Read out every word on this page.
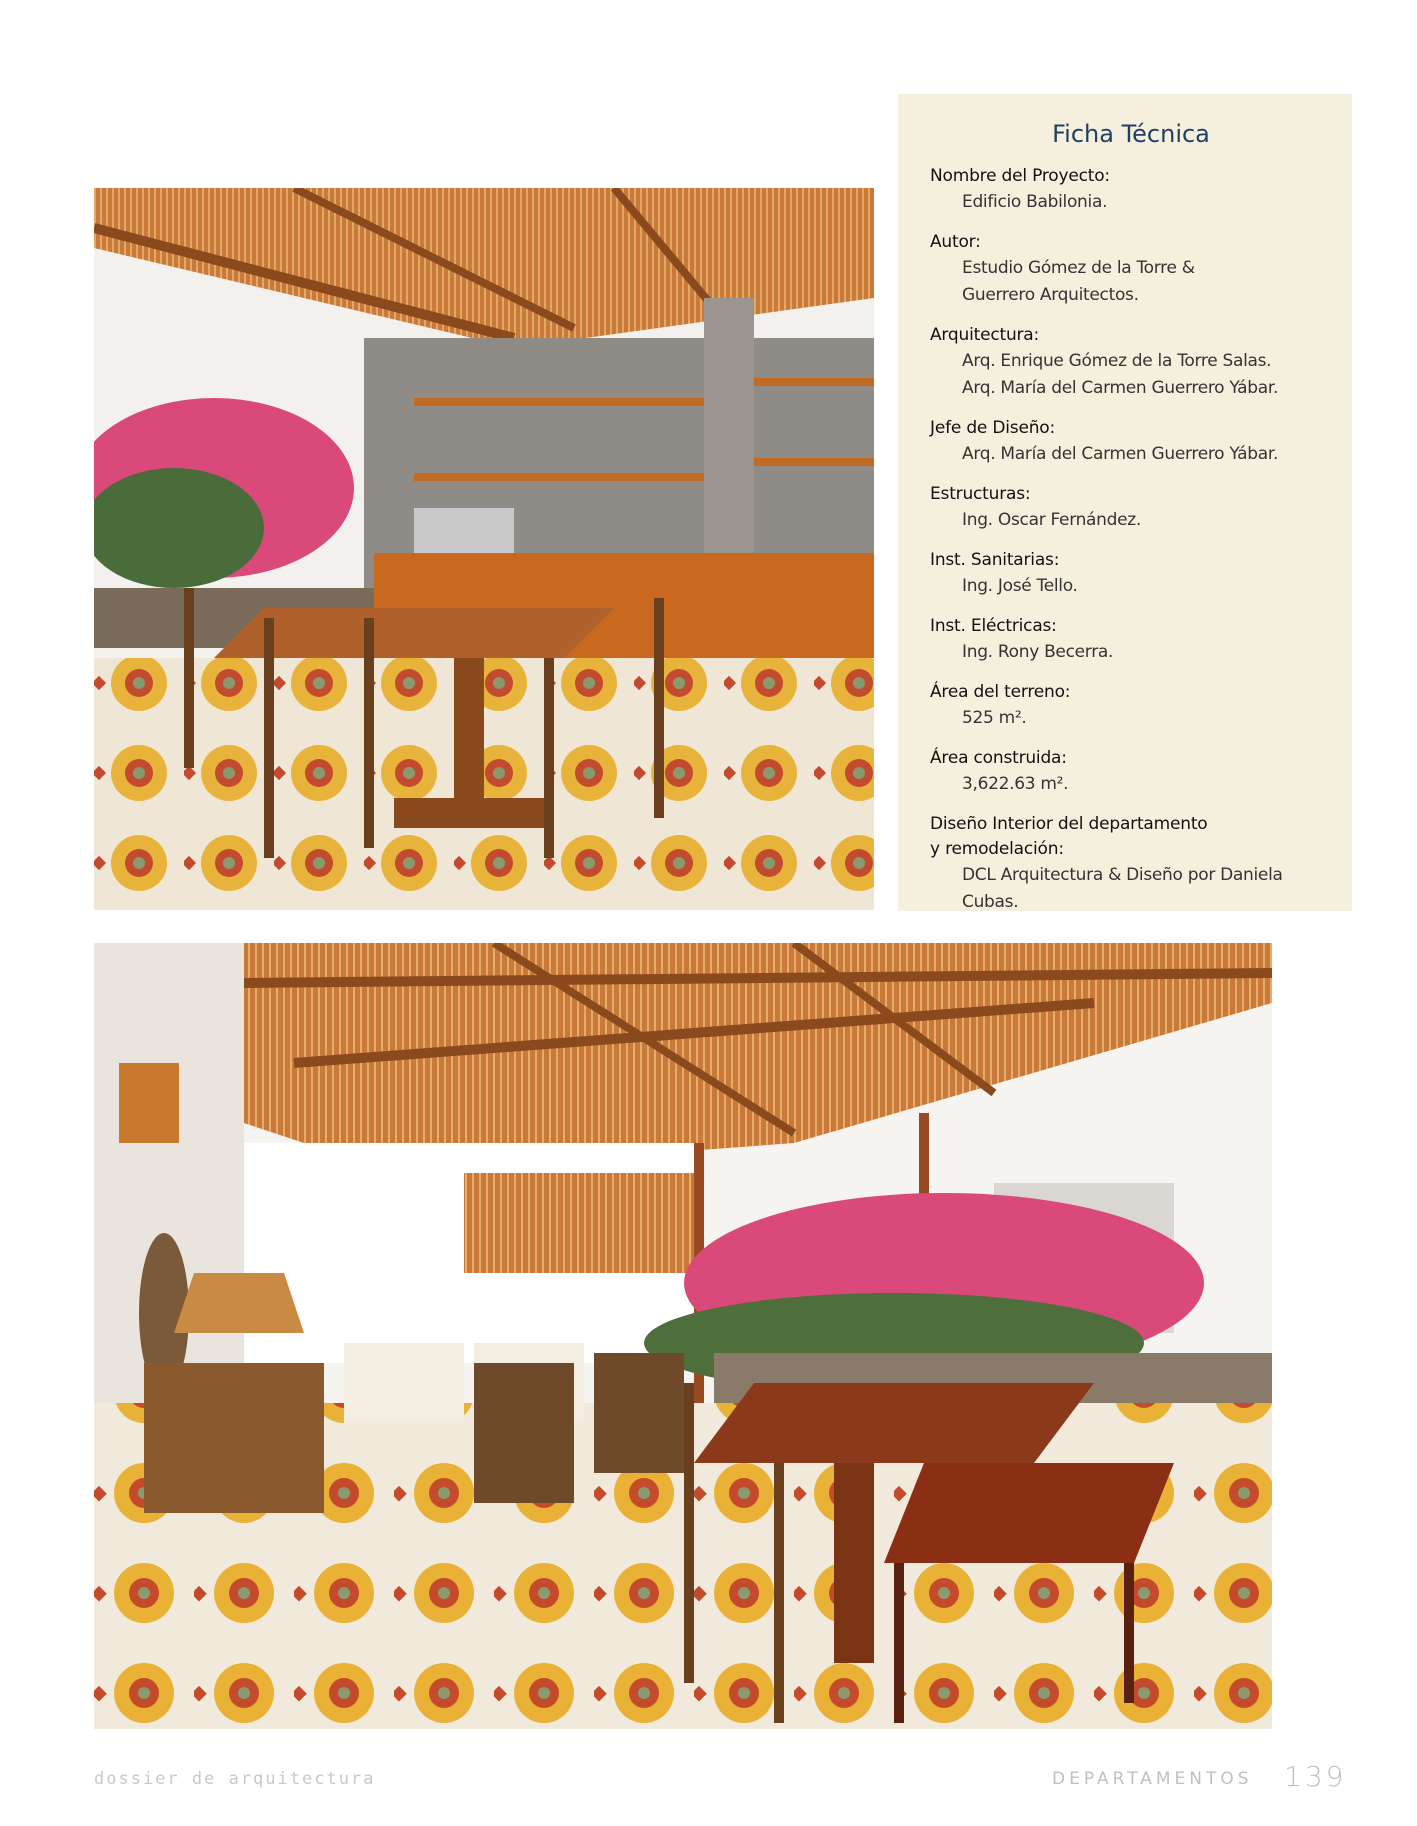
Ficha Técnica
Nombre del Proyecto:
Edificio Babilonia.
Autor:
Estudio Gómez de la Torre &
Guerrero Arquitectos.
Arquitectura:
Arq. Enrique Gómez de la Torre Salas.
Arq. María del Carmen Guerrero Yábar.
Jefe de Diseño:
Arq. María del Carmen Guerrero Yábar.
Estructuras:
Ing. Oscar Fernández.
Inst. Sanitarias:
Ing. José Tello.
Inst. Eléctricas:
Ing. Rony Becerra.
Área del terreno:
525 m².
Área construida:
3,622.63 m².
Diseño Interior del departamento
y remodelación:
DCL Arquitectura & Diseño por Daniela Cubas.
dossier de arquitectura	DEPARTAMENTOS 139
